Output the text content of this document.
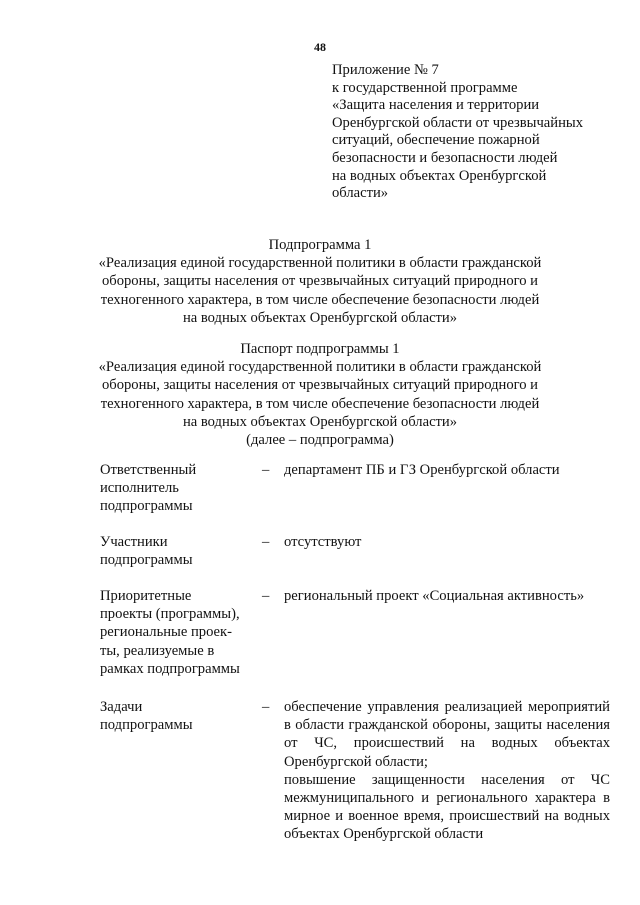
48
Приложение № 7
к государственной программе
«Защита населения и территории
Оренбургской области от чрезвычайных
ситуаций, обеспечение пожарной
безопасности и безопасности людей
на водных объектах Оренбургской
области»
Подпрограмма 1
«Реализация единой государственной политики в области гражданской
обороны, защиты населения от чрезвычайных ситуаций природного и
техногенного характера, в том числе обеспечение безопасности людей
на водных объектах Оренбургской области»
Паспорт подпрограммы 1
«Реализация единой государственной политики в области гражданской
обороны, защиты населения от чрезвычайных ситуаций природного и
техногенного характера, в том числе обеспечение безопасности людей
на водных объектах Оренбургской области»
(далее – подпрограмма)
Ответственный
исполнитель
подпрограммы
–	департамент ПБ и ГЗ Оренбургской области
Участники
подпрограммы
–	отсутствуют
Приоритетные
проекты (программы),
региональные проек-
ты, реализуемые в
рамках подпрограммы
–	региональный проект «Социальная активность»
Задачи
подпрограммы
–	обеспечение управления реализацией мероприятий в области гражданской обороны, защиты населения от ЧС, происшествий на водных объектах Оренбургской области;
повышение защищенности населения от ЧС межмуниципального и регионального характера в мирное и военное время, происшествий на водных объектах Оренбургской области
